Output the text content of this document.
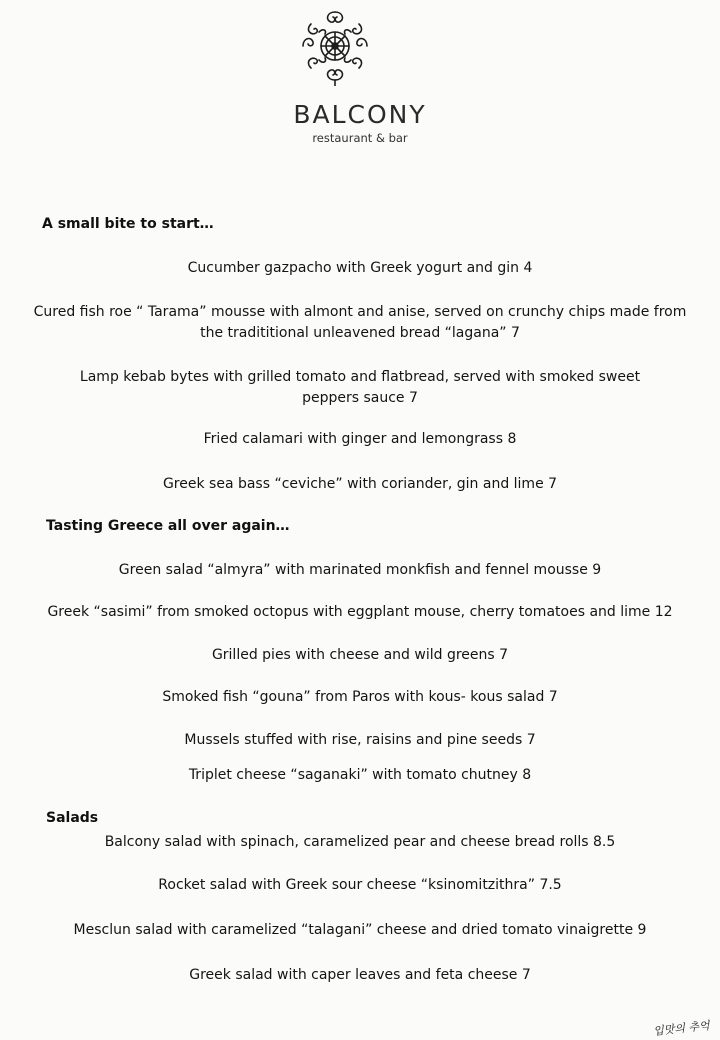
BALCONY
restaurant & bar
A small bite to start…
Cucumber gazpacho with Greek yogurt and gin 4
Cured fish roe “ Tarama” mousse with almont and anise, served on crunchy chips made from
the tradititional unleavened bread “lagana” 7
Lamp kebab bytes with grilled tomato and flatbread, served with smoked sweet
peppers sauce 7
Fried calamari with ginger and lemongrass 8
Greek sea bass “ceviche” with coriander, gin and lime 7
Tasting Greece all over again…
Green salad “almyra” with marinated monkfish and fennel mousse 9
Greek “sasimi” from smoked octopus with eggplant mouse, cherry tomatoes and lime 12
Grilled pies with cheese and wild greens 7
Smoked fish “gouna” from Paros with kous- kous salad 7
Mussels stuffed with rise, raisins and pine seeds 7
Triplet cheese “saganaki” with tomato chutney 8
Salads
Balcony salad with spinach, caramelized pear and cheese bread rolls 8.5
Rocket salad with Greek sour cheese “ksinomitzithra” 7.5
Mesclun salad with caramelized “talagani” cheese and dried tomato vinaigrette 9
Greek salad with caper leaves and feta cheese 7
입맛의 추억
